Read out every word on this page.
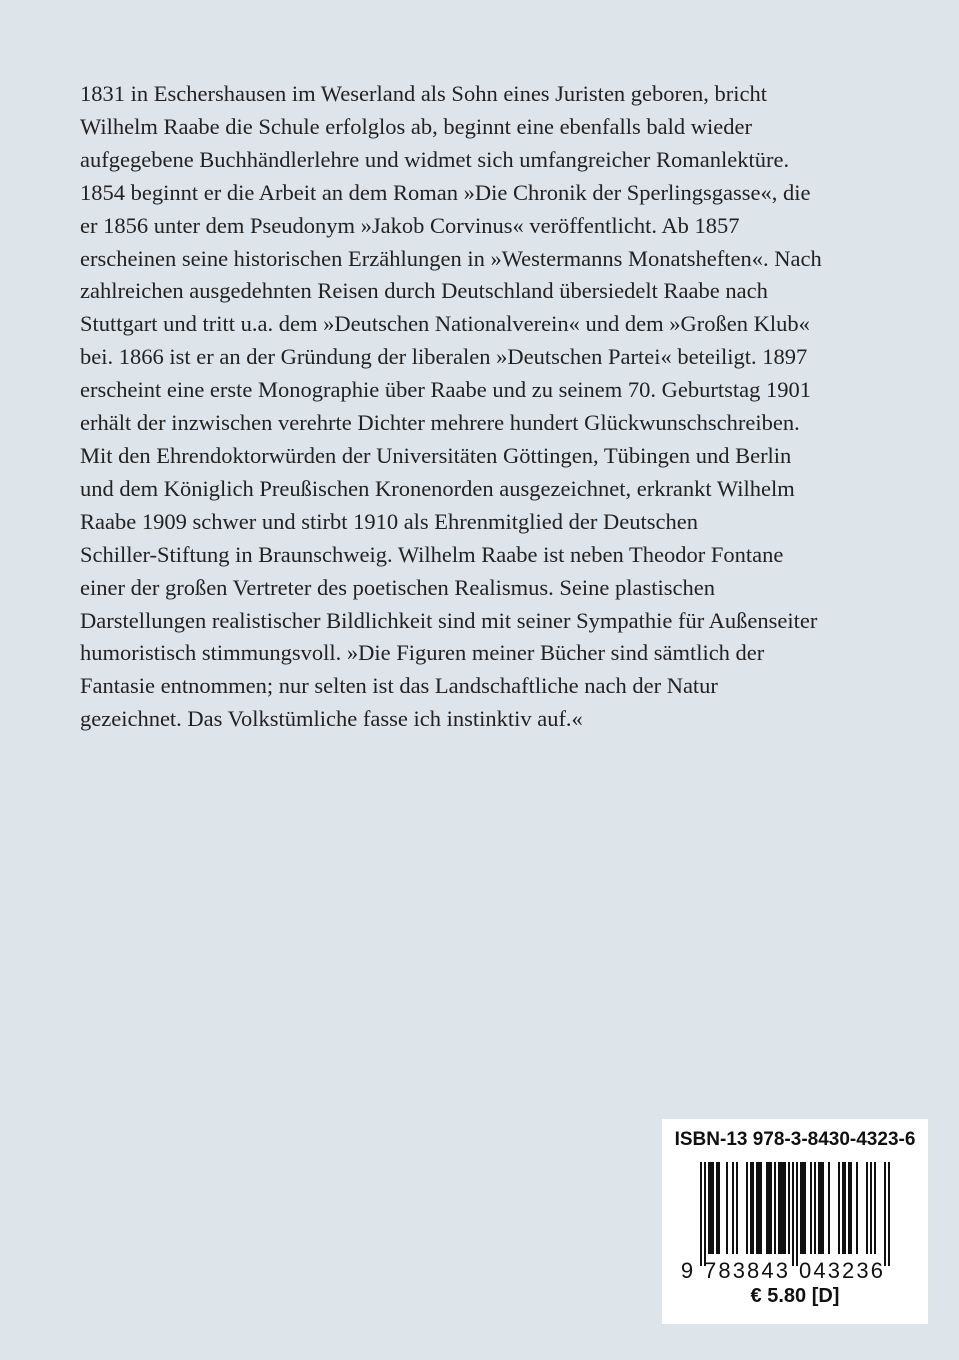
1831 in Eschershausen im Weserland als Sohn eines Juristen geboren, bricht
Wilhelm Raabe die Schule erfolglos ab, beginnt eine ebenfalls bald wieder
aufgegebene Buchhändlerlehre und widmet sich umfangreicher Romanlektüre.
1854 beginnt er die Arbeit an dem Roman »Die Chronik der Sperlingsgasse«, die
er 1856 unter dem Pseudonym »Jakob Corvinus« veröffentlicht. Ab 1857
erscheinen seine historischen Erzählungen in »Westermanns Monatsheften«. Nach
zahlreichen ausgedehnten Reisen durch Deutschland übersiedelt Raabe nach
Stuttgart und tritt u.a. dem »Deutschen Nationalverein« und dem »Großen Klub«
bei. 1866 ist er an der Gründung der liberalen »Deutschen Partei« beteiligt. 1897
erscheint eine erste Monographie über Raabe und zu seinem 70. Geburtstag 1901
erhält der inzwischen verehrte Dichter mehrere hundert Glückwunschschreiben.
Mit den Ehrendoktorwürden der Universitäten Göttingen, Tübingen und Berlin
und dem Königlich Preußischen Kronenorden ausgezeichnet, erkrankt Wilhelm
Raabe 1909 schwer und stirbt 1910 als Ehrenmitglied der Deutschen
Schiller-Stiftung in Braunschweig. Wilhelm Raabe ist neben Theodor Fontane
einer der großen Vertreter des poetischen Realismus. Seine plastischen
Darstellungen realistischer Bildlichkeit sind mit seiner Sympathie für Außenseiter
humoristisch stimmungsvoll. »Die Figuren meiner Bücher sind sämtlich der
Fantasie entnommen; nur selten ist das Landschaftliche nach der Natur
gezeichnet. Das Volkstümliche fasse ich instinktiv auf.«
ISBN-13 978-3-8430-4323-6
9 783843 043236
€ 5.80 [D]
